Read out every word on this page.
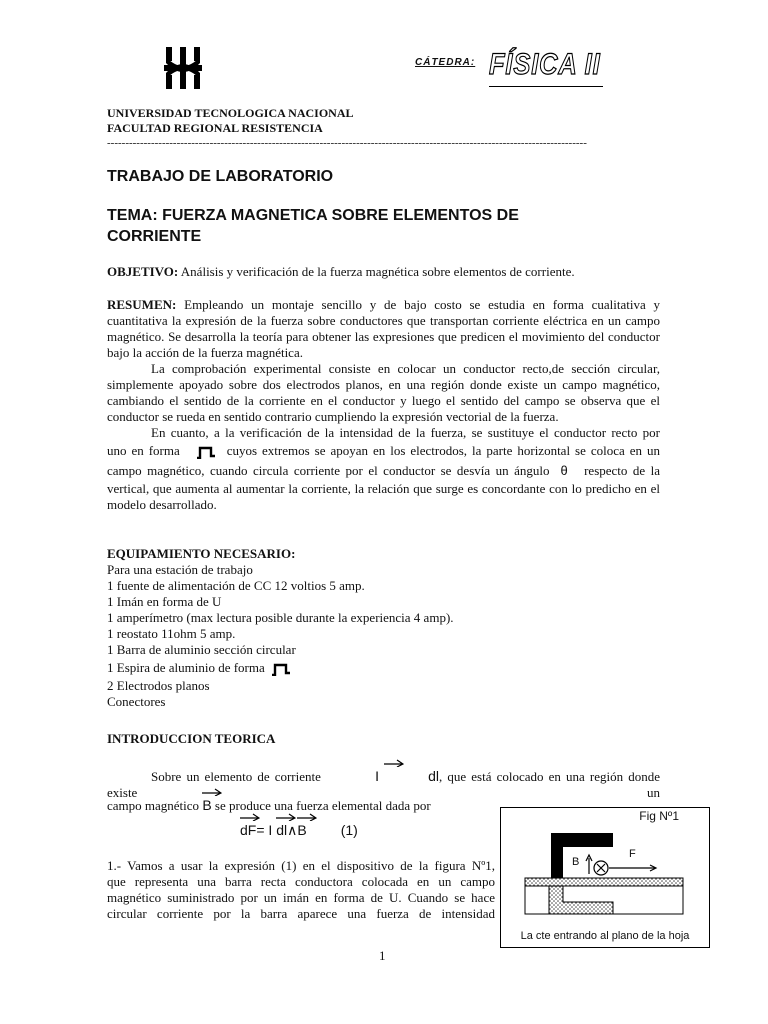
CÁTEDRA: FÍSICA II
UNIVERSIDAD TECNOLOGICA NACIONAL
FACULTAD REGIONAL RESISTENCIA
-----------------------------------------------------------------------------------------------------------------------------------
TRABAJO DE LABORATORIO
TEMA: FUERZA MAGNETICA SOBRE ELEMENTOS DE
CORRIENTE
OBJETIVO: Análisis y verificación de la fuerza magnética sobre elementos de corriente.
RESUMEN: Empleando un montaje sencillo y de bajo costo se estudia en forma cualitativa y
cuantitativa la expresión de la fuerza sobre conductores que transportan corriente eléctrica en un campo magnético. Se desarrolla la teoría para obtener las expresiones que predicen el movimiento del conductor bajo la acción de la fuerza magnética.
La comprobación experimental consiste en colocar un conductor recto,de sección circular, simplemente apoyado sobre dos electrodos planos, en una región donde existe un campo magnético, cambiando el sentido de la corriente en el conductor y luego el sentido del campo se observa que el conductor se rueda en sentido contrario cumpliendo la expresión vectorial de la fuerza.
En cuanto, a la verificación de la intensidad de la fuerza, se sustituye el conductor recto por
uno en forma	cuyos extremos se apoyan en los electrodos, la parte horizontal se coloca en un
campo magnético, cuando circula corriente por el conductor se desvía un ángulo θ respecto de la
vertical, que aumenta al aumentar la corriente, la relación que surge es concordante con lo predicho en el modelo desarrollado.
EQUIPAMIENTO NECESARIO:
Para una estación de trabajo
1 fuente de alimentación de CC 12 voltios 5 amp.
1 Imán en forma de U
1 amperímetro (max lectura posible durante la experiencia 4 amp).
1 reostato 11ohm 5 amp.
1 Barra de aluminio sección circular
1 Espira de aluminio de forma
2 Electrodos planos
Conectores
INTRODUCCION TEORICA
Sobre un elemento de corriente	I	dl, que está colocado en una región donde existe un
campo magnético B se produce una fuerza elemental dada por
dF= I dl∧
B (1)
1.- Vamos a usar la expresión (1) en el dispositivo de la figura Nº1,
que representa una barra recta conductora colocada en un campo
magnético suministrado por un imán en forma de U. Cuando se hace
circular corriente por la barra aparece una fuerza de intensidad
Fig Nº1
B
F
La cte entrando al plano de la hoja
1
